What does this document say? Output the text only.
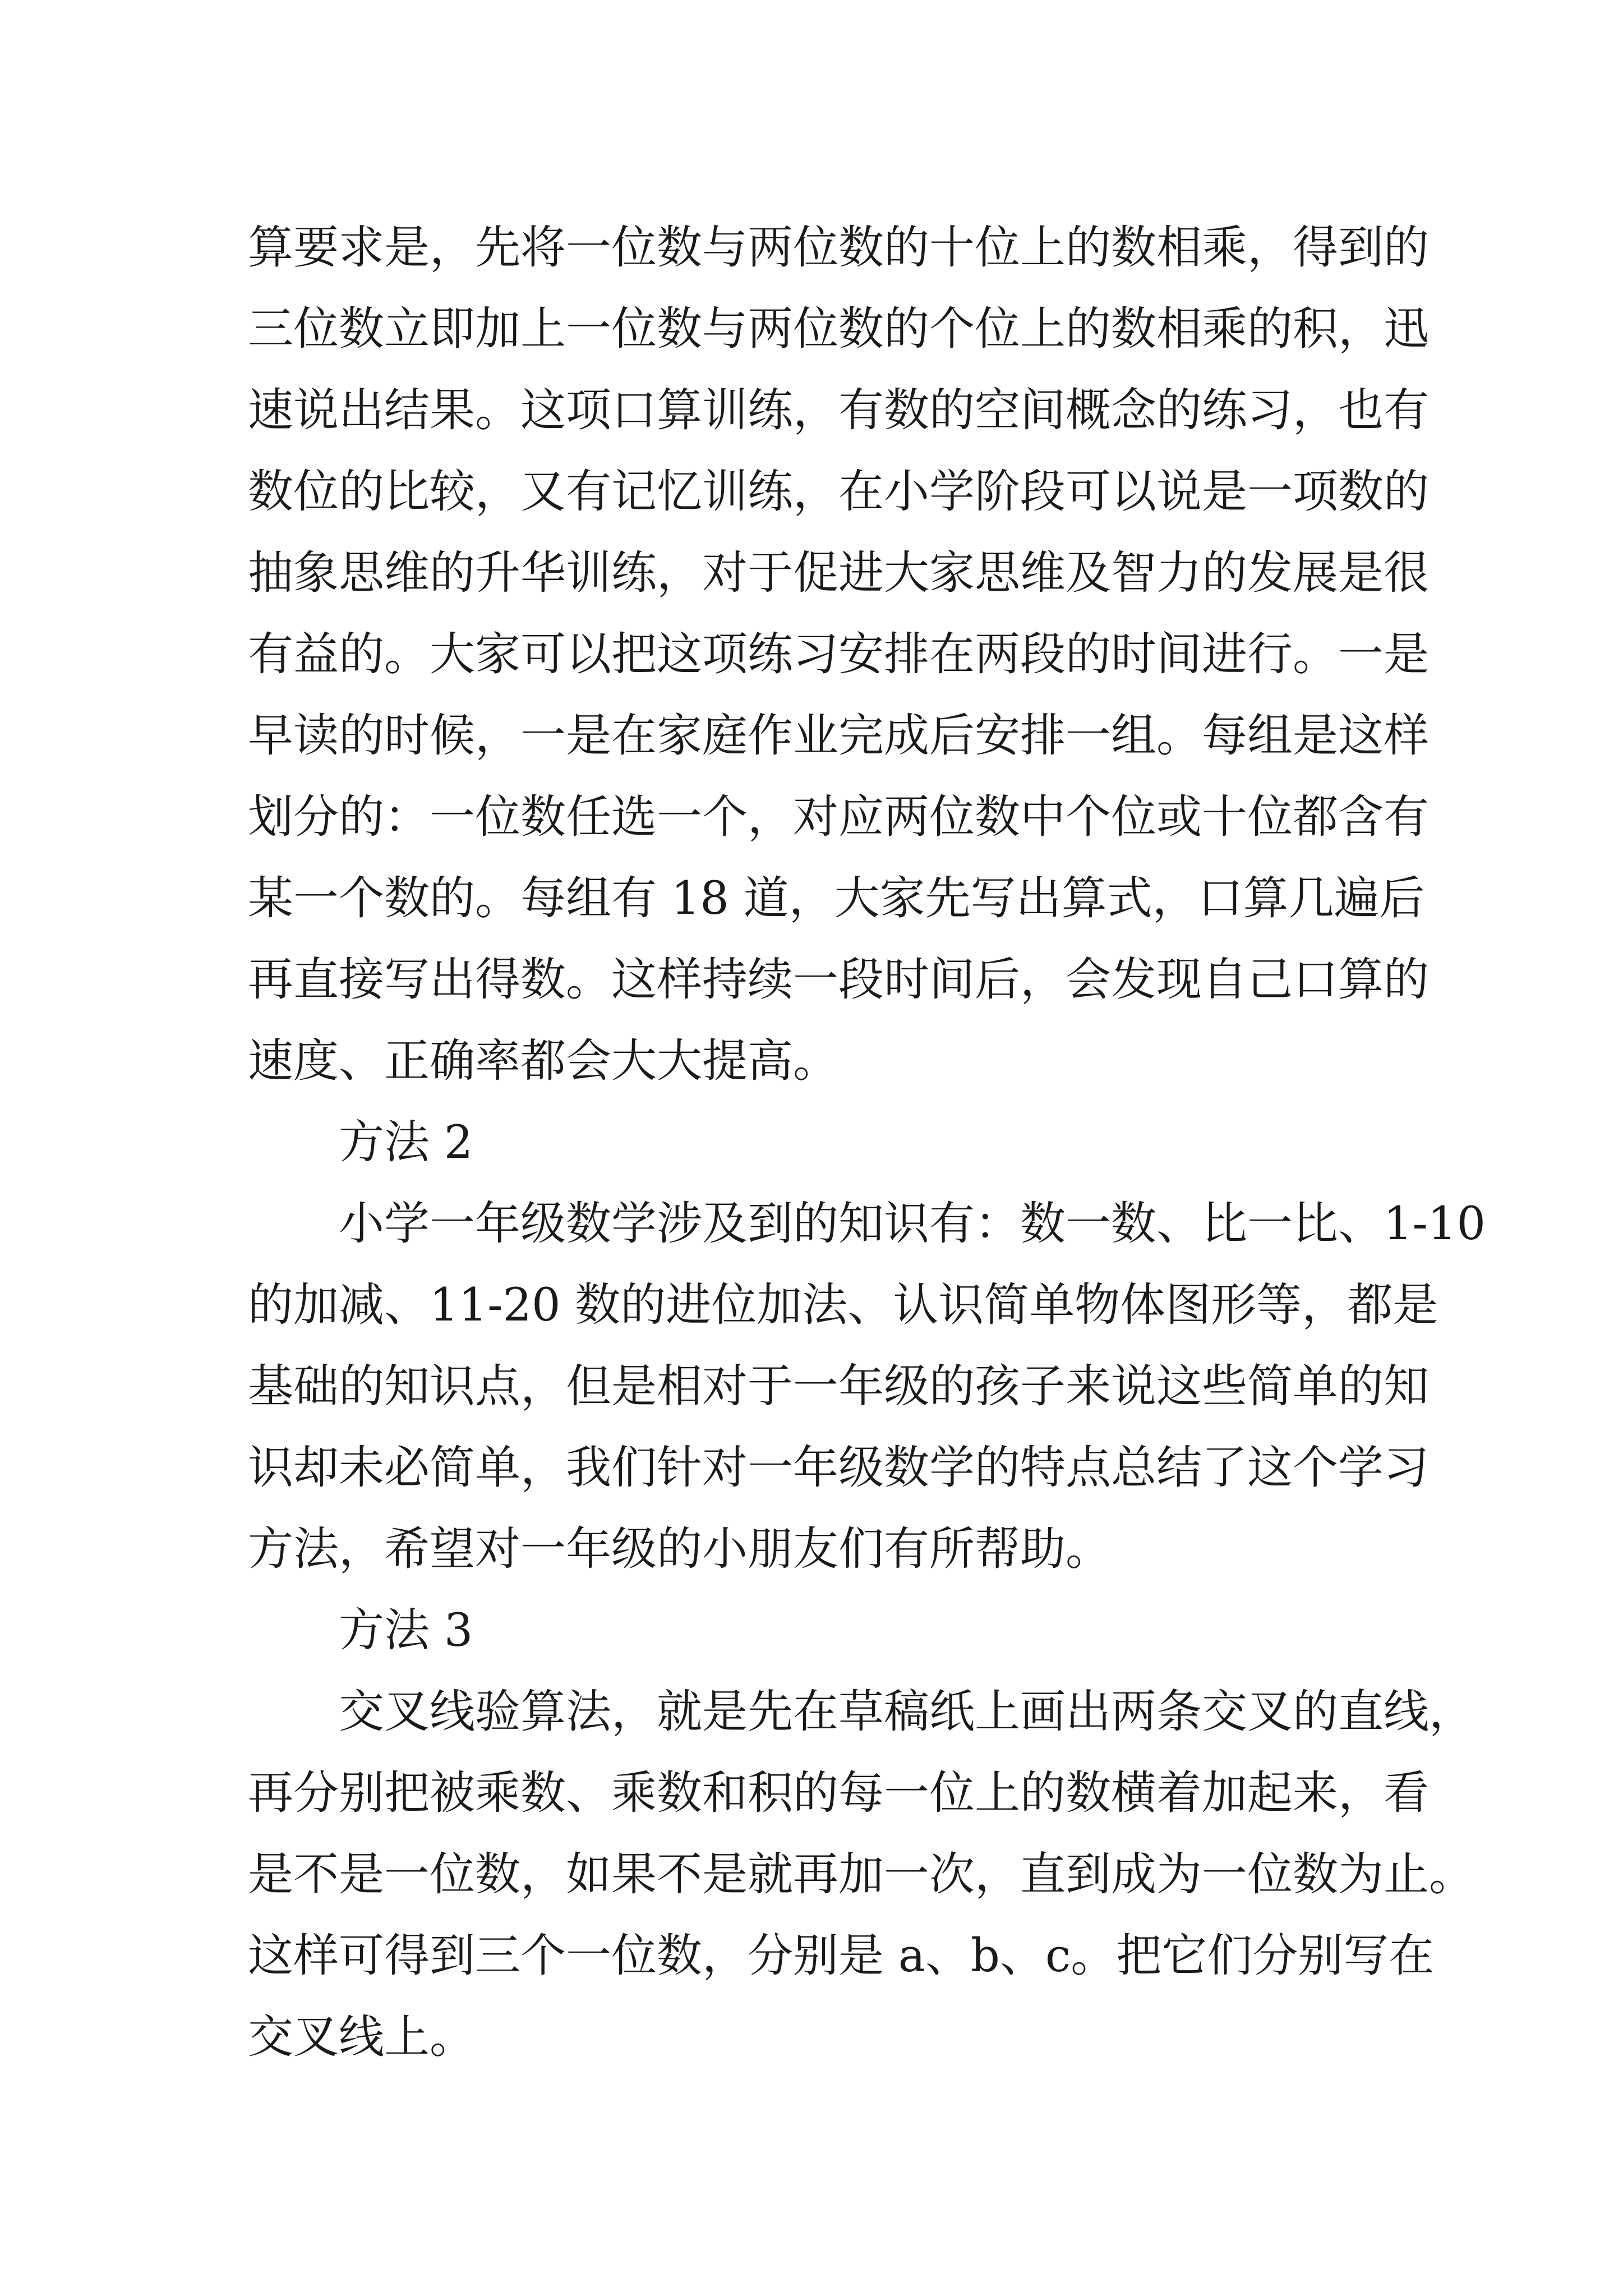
算要求是，先将一位数与两位数的十位上的数相乘，得到的
三位数立即加上一位数与两位数的个位上的数相乘的积，迅
速说出结果。这项口算训练，有数的空间概念的练习，也有
数位的比较，又有记忆训练，在小学阶段可以说是一项数的
抽象思维的升华训练，对于促进大家思维及智力的发展是很
有益的。大家可以把这项练习安排在两段的时间进行。一是
早读的时候，一是在家庭作业完成后安排一组。每组是这样
划分的：一位数任选一个，对应两位数中个位或十位都含有
某一个数的。每组有 18 道，大家先写出算式，口算几遍后
再直接写出得数。这样持续一段时间后，会发现自己口算的
速度、正确率都会大大提高。
方法 2
小学一年级数学涉及到的知识有：数一数、比一比、1-10
的加减、11-20 数的进位加法、认识简单物体图形等，都是
基础的知识点，但是相对于一年级的孩子来说这些简单的知
识却未必简单，我们针对一年级数学的特点总结了这个学习
方法，希望对一年级的小朋友们有所帮助。
方法 3
交叉线验算法，就是先在草稿纸上画出两条交叉的直线，
再分别把被乘数、乘数和积的每一位上的数横着加起来，看
是不是一位数，如果不是就再加一次，直到成为一位数为止。
这样可得到三个一位数，分别是 a、b、c。把它们分别写在
交叉线上。
